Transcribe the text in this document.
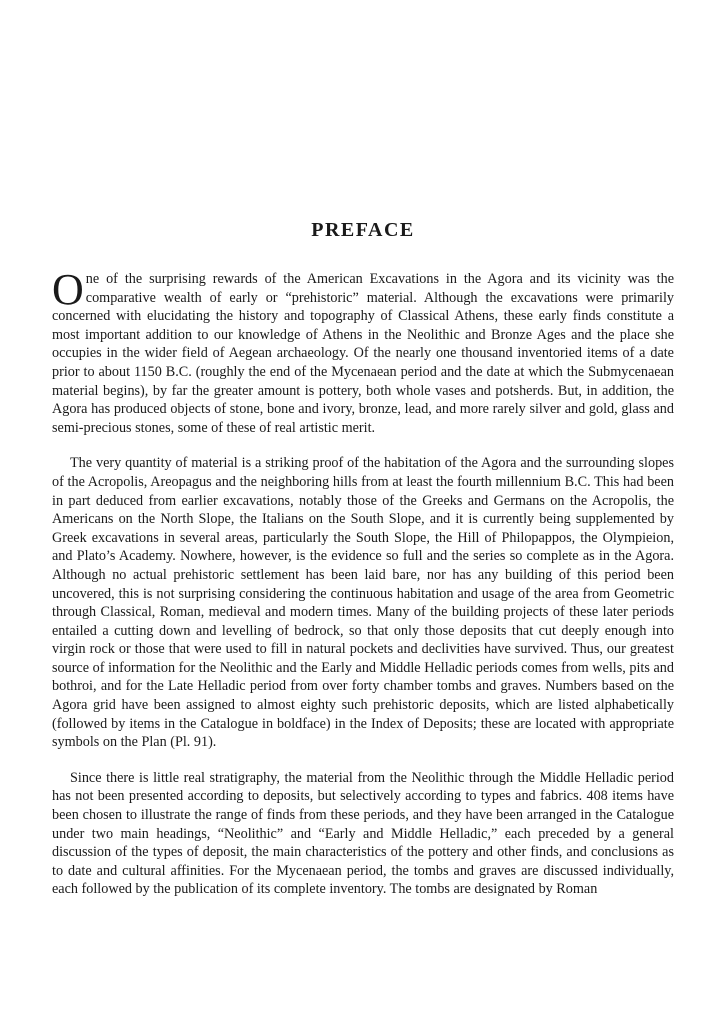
PREFACE

One of the surprising rewards of the American Excavations in the Agora and its vicinity was the comparative wealth of early or “prehistoric” material. Although the excavations were primarily concerned with elucidating the history and topography of Classical Athens, these early finds constitute a most important addition to our knowledge of Athens in the Neolithic and Bronze Ages and the place she occupies in the wider field of Aegean archaeology. Of the nearly one thousand inventoried items of a date prior to about 1150 B.C. (roughly the end of the Mycenaean period and the date at which the Submycenaean material begins), by far the greater amount is pottery, both whole vases and potsherds. But, in addition, the Agora has produced objects of stone, bone and ivory, bronze, lead, and more rarely silver and gold, glass and semi-precious stones, some of these of real artistic merit.

The very quantity of material is a striking proof of the habitation of the Agora and the surrounding slopes of the Acropolis, Areopagus and the neighboring hills from at least the fourth millennium B.C. This had been in part deduced from earlier excavations, notably those of the Greeks and Germans on the Acropolis, the Americans on the North Slope, the Italians on the South Slope, and it is currently being supplemented by Greek excavations in several areas, particularly the South Slope, the Hill of Philopappos, the Olympieion, and Plato’s Academy. Nowhere, however, is the evidence so full and the series so complete as in the Agora. Although no actual prehistoric settlement has been laid bare, nor has any building of this period been uncovered, this is not surprising considering the continuous habitation and usage of the area from Geometric through Classical, Roman, medieval and modern times. Many of the building projects of these later periods entailed a cutting down and levelling of bedrock, so that only those deposits that cut deeply enough into virgin rock or those that were used to fill in natural pockets and declivities have survived. Thus, our greatest source of information for the Neolithic and the Early and Middle Helladic periods comes from wells, pits and bothroi, and for the Late Helladic period from over forty chamber tombs and graves. Numbers based on the Agora grid have been assigned to almost eighty such prehistoric deposits, which are listed alphabetically (followed by items in the Catalogue in boldface) in the Index of Deposits; these are located with appropriate symbols on the Plan (Pl. 91).

Since there is little real stratigraphy, the material from the Neolithic through the Middle Helladic period has not been presented according to deposits, but selectively according to types and fabrics. 408 items have been chosen to illustrate the range of finds from these periods, and they have been arranged in the Catalogue under two main headings, “Neolithic” and “Early and Middle Helladic,” each preceded by a general discussion of the types of deposit, the main characteristics of the pottery and other finds, and conclusions as to date and cultural affinities. For the Mycenaean period, the tombs and graves are discussed individually, each followed by the publication of its complete inventory. The tombs are designated by Roman
